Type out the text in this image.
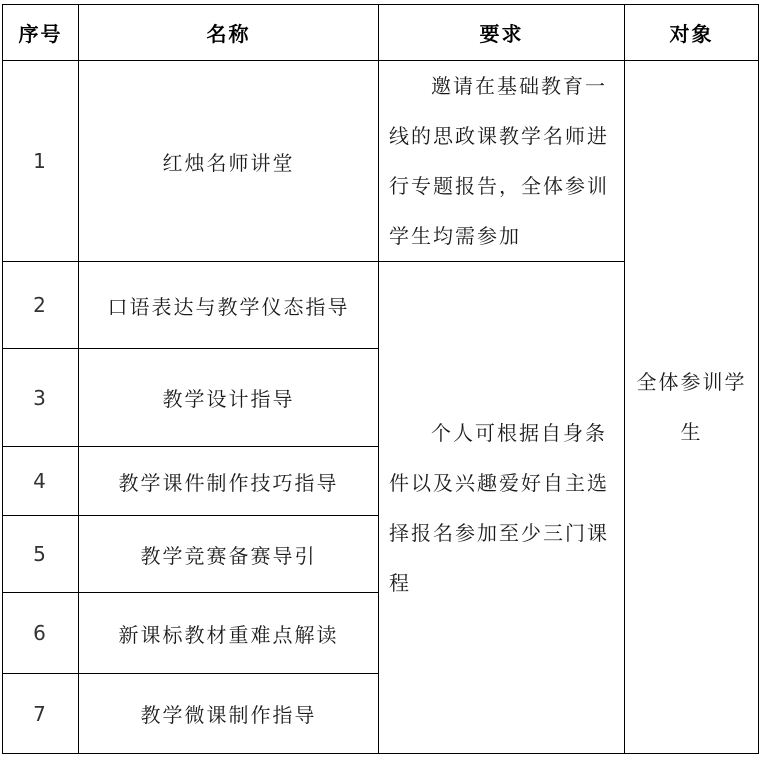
序号	名称	要求	对象
1	红烛名师讲堂	邀请在基础教育一线的思政课教学名师进行专题报告，全体参训学生均需参加	全体参训学生
2	口语表达与教学仪态指导	个人可根据自身条件以及兴趣爱好自主选择报名参加至少三门课程	
3	教学设计指导		
4	教学课件制作技巧指导		
5	教学竞赛备赛导引		
6	新课标教材重难点解读		
7	教学微课制作指导		
